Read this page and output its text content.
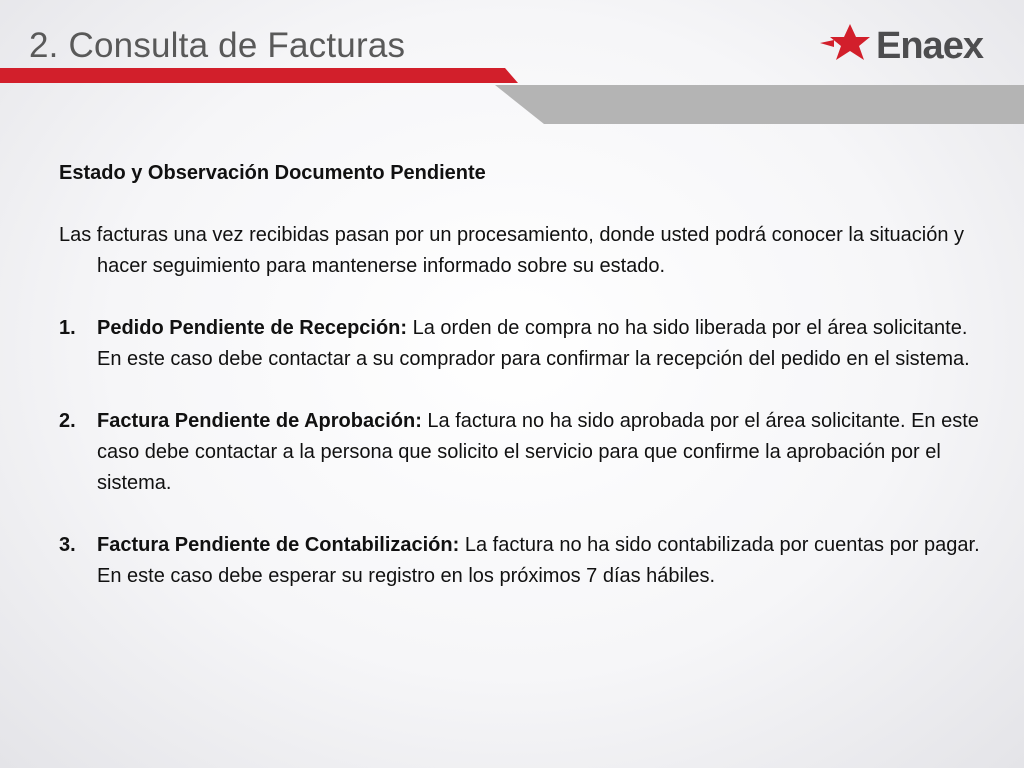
2. Consulta de Facturas	Enaex

Estado y Observación Documento Pendiente

Las facturas una vez recibidas pasan por un procesamiento, donde usted podrá conocer la situación y hacer seguimiento para mantenerse informado sobre su estado.

1.	Pedido Pendiente de Recepción: La orden de compra no ha sido liberada por el área solicitante. En este caso debe contactar a su comprador para confirmar la recepción del pedido en el sistema.
2.	Factura Pendiente de Aprobación: La factura no ha sido aprobada por el área solicitante. En este caso debe contactar a la persona que solicito el servicio para que confirme la aprobación por el sistema.
3.	Factura Pendiente de Contabilización: La factura no ha sido contabilizada por cuentas por pagar. En este caso debe esperar su registro en los próximos 7 días hábiles.
